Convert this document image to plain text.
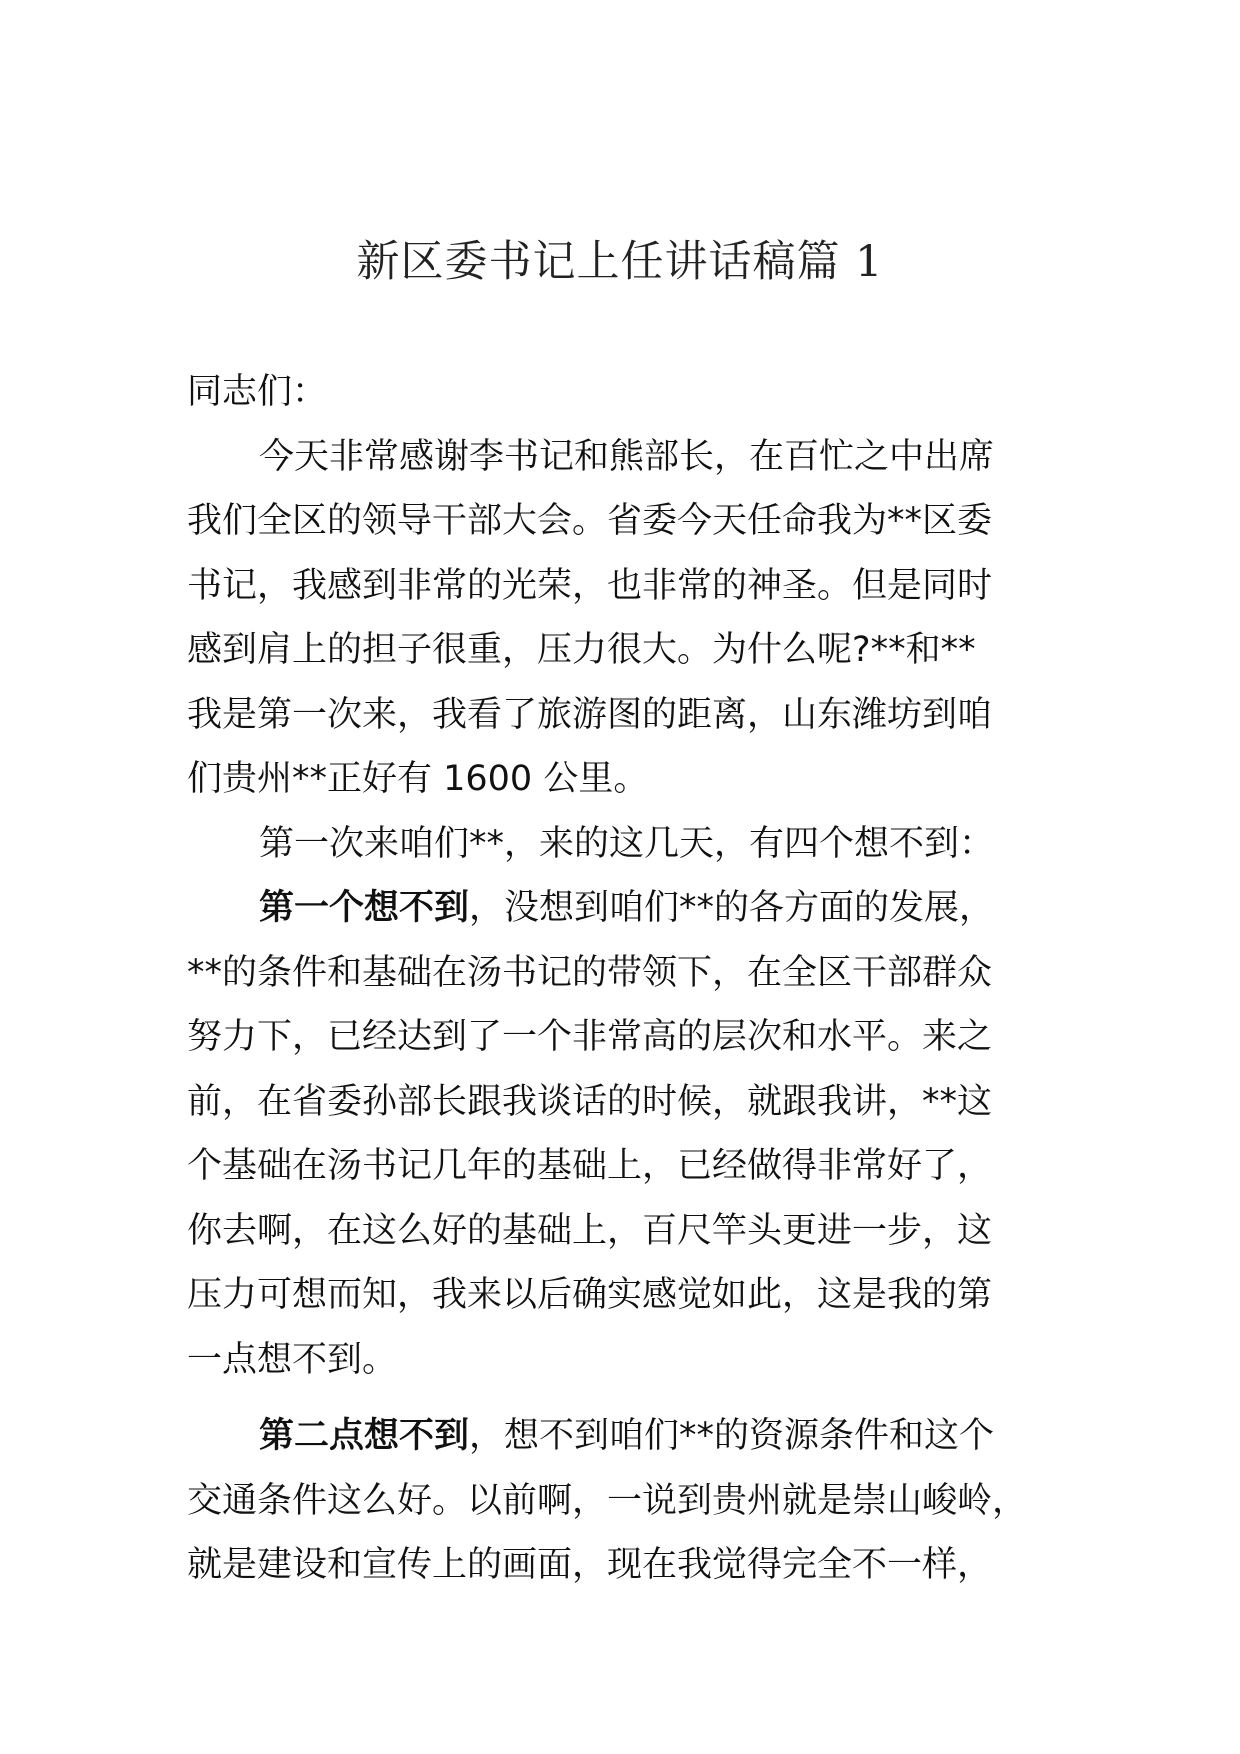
新区委书记上任讲话稿篇 1

同志们：

今天非常感谢李书记和熊部长，在百忙之中出席
我们全区的领导干部大会。省委今天任命我为**区委
书记，我感到非常的光荣，也非常的神圣。但是同时
感到肩上的担子很重，压力很大。为什么呢?**和**
我是第一次来，我看了旅游图的距离，山东潍坊到咱
们贵州**正好有 1600 公里。

第一次来咱们**，来的这几天，有四个想不到：

第一个想不到，没想到咱们**的各方面的发展，
**的条件和基础在汤书记的带领下，在全区干部群众
努力下，已经达到了一个非常高的层次和水平。来之
前，在省委孙部长跟我谈话的时候，就跟我讲，**这
个基础在汤书记几年的基础上，已经做得非常好了，
你去啊，在这么好的基础上，百尺竿头更进一步，这
压力可想而知，我来以后确实感觉如此，这是我的第
一点想不到。

第二点想不到，想不到咱们**的资源条件和这个
交通条件这么好。以前啊，一说到贵州就是崇山峻岭，
就是建设和宣传上的画面，现在我觉得完全不一样，
